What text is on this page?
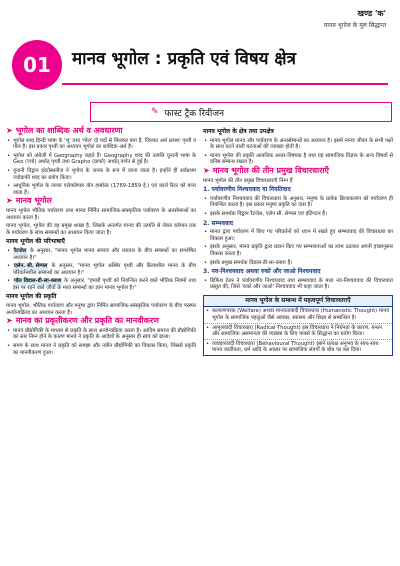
खण्ड 'क'
मानव भूगोल के मूल सिद्धान्त
01	मानव भूगोल : प्रकृति एवं विषय क्षेत्र
✎ फास्ट ट्रैक रिवीजन
➤ भूगोल का शाब्दिक अर्थ व अवधारणा
• भूगोल शब्द हिन्दी भाषा के 'भू' तथा 'गोल' दो पदों से मिलकर बना है, जिनका अर्थ क्रमशः पृथ्वी व गोल है। इस प्रकार पृथ्वी का अध्ययन भूगोल का शाब्दिक अर्थ है।
• भूगोल को अंग्रेजी में Geography कहते हैं। Geography शब्द की उत्पत्ति यूनानी भाषा के Geo (ज्यो) अर्थात् पृथ्वी तथा Grapho (ग्राफो) अर्थात् वर्णन से हुई है।
• यूनानी विद्वान इरेटोस्थनीज ने भूगोल के जनक के रूप में जाना जाता है। इन्होंने ही सर्वप्रथम ज्योग्राफी शब्द का प्रयोग किया।
• आधुनिक भूगोल के जनक एलेक्जेण्डर वॉन हम्बोल्ट (1769-1859 ई.) एवं कार्ल रिटर को माना जाता है।
➤ मानव भूगोल
मानव भूगोल भौतिक पर्यावरण तथा मानव निर्मित सामाजिक-सांस्कृतिक पर्यावरण के अंतर्सम्बन्धों का अध्ययन करता है।
मानव भूगोल, भूगोल की वह प्रमुख शाखा है, जिसके अन्तर्गत मानव की उत्पत्ति से लेकर वर्तमान तक के पर्यावरण के साथ सम्बन्धों का अध्ययन किया जाता है।
मानव भूगोल की परिभाषाएँ
• रैटजेल के अनुसार, "मानव भूगोल मानव समाज और धरातल के बीच सम्बन्धों का संश्लेषित अध्ययन है।"
• एलेन. सी. सेम्पल के अनुसार, "मानव भूगोल अस्थिर पृथ्वी और क्रियाशील मानव के बीच परिवर्तनशील सम्बन्धों का अध्ययन है।"
• पॉल विडाल-डी-ला-ब्लाश के अनुसार, "हमारी पृथ्वी को नियन्त्रित करने वाले भौतिक नियमों तथा इस पर रहने वाले जीवों के मध्य सम्बन्धों का ज्ञान मानव भूगोल है।"
मानव भूगोल की प्रकृति
मानव भूगोल, भौतिक पर्यावरण और मनुष्य द्वारा निर्मित सामाजिक-सांस्कृतिक पर्यावरण के बीच परस्पर अन्योन्यक्रिया का अध्ययन करता है।
➤ मानव का प्रकृतीकरण और प्रकृति का मानवीकरण
• मानव प्रौद्योगिकी के माध्यम से प्रकृति के साथ अन्योन्यक्रिया करता है। आदिम समाज की प्रौद्योगिकी का स्तर निम्न होने के कारण मानव ने प्रकृति के आदेशों के अनुसार ही स्वयं को ढाला।
• समय के साथ मानव ने प्रकृति को समझा और नवीन प्रौद्योगिकी का विकास किया, जिससे प्रकृति का मानवीकरण हुआ।
मानव भूगोल के क्षेत्र तथा उपक्षेत्र
• मानव भूगोल मानव और पर्यावरण के अन्तर्सम्बन्धों का अध्ययन है। इसमें मानव जीवन के सभी पक्षों के साथ घटने वाली घटनाओं की व्याख्या होती है।
• मानव भूगोल की प्रकृति अत्यधिक अन्तर-विषयक है तथा यह सामाजिक विज्ञान के अन्य विषयों से घनिष्ठ सम्बन्ध रखता है।
➤ मानव भूगोल की तीन प्रमुख विचारधाराएँ
मानव भूगोल की तीन प्रमुख विचारधाराएँ निम्न हैं
1. पर्यावरणीय निश्चयवाद या नियतिवाद
• पर्यावरणीय निश्चयवाद की विचारधारा के अनुसार, मनुष्य के प्रत्येक क्रियाकलाप को पर्यावरण ही नियन्त्रित करता है। इस प्रकार मनुष्य प्रकृति का दास है।
• इसके समर्थक विद्वान रैटजेल, एलेन सी. सेम्पल एवं हंटिंगटन हैं।
2. सम्भववाद
• मानव द्वारा पर्यावरण में किए गए परिवर्तनों को ध्यान में रखते हुए सम्भववाद की विचारधारा का विकास हुआ।
• इसके अनुसार, मानव प्रकृति द्वारा प्रदान किए गए सम्भावनाओं का लाभ उठाकर अपनी इच्छानुसार विकास करता है।
• इसके प्रमुख समर्थक विडाल-डी-ला-ब्लाश हैं।
3. नव-निश्चयवाद अथवा रुको और जाओ निश्चयवाद
• ग्रिफिथ टेलर ने पर्यावरणीय निश्चयवाद तथा सम्भववाद के मध्य नव-निश्चयवाद की विचारधारा प्रस्तुत की, जिसे 'रुको और जाओ' निश्चयवाद भी कहा जाता है।
मानव भूगोल के सम्बन्ध में महत्वपूर्ण विचारधाराएँ
• कल्याणपरक (Welfare) अथवा मानवतावादी विचारधारा (Humanistic Thought) मानव भूगोल के सामाजिक पहलुओं जैसे आवास, स्वास्थ्य और शिक्षा से सम्बन्धित है।
• आमूलवादी विचारधारा (Radical Thought) इस विचारधारा ने निर्धनता के कारण, बन्धन और सामाजिक असमानता की व्याख्या के लिए मार्क्स के सिद्धान्त का प्रयोग किया।
• व्यवहारवादी विचारधारा (Behavioural Thought) इसने प्रत्यक्ष अनुभव के साथ-साथ मानव जातीयता, धर्म आदि के आधार पर सामाजिक संवर्गों के बोध पर बल दिया।
